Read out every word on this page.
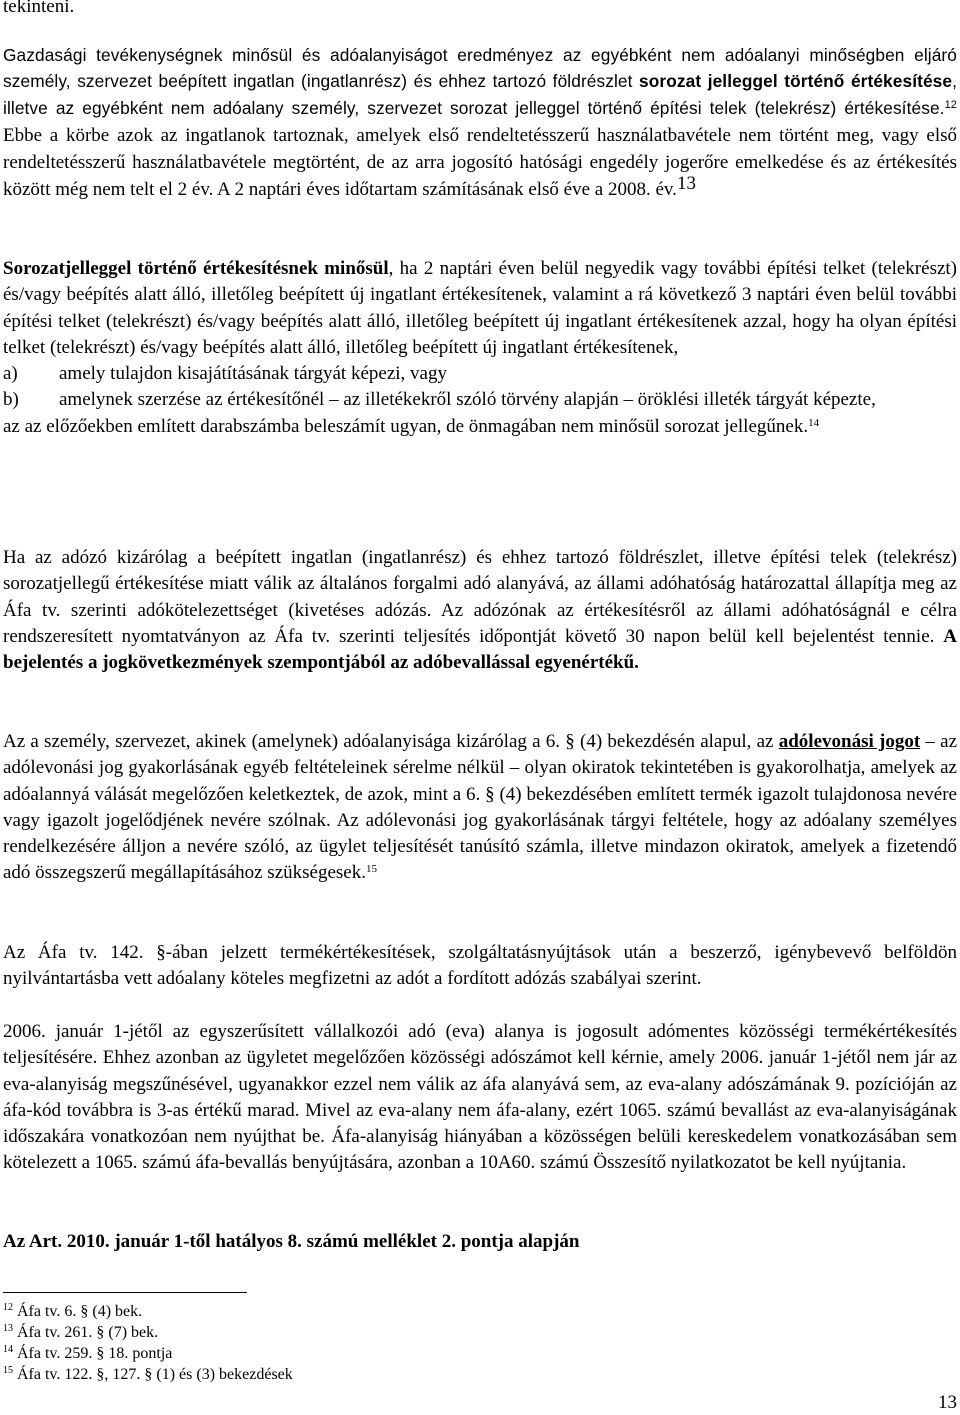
tekinteni.

Gazdasági tevékenységnek minősül és adóalanyiságot eredményez az egyébként nem adóalanyi minőségben eljáró személy, szervezet beépített ingatlan (ingatlanrész) és ehhez tartozó földrészlet sorozat jelleggel történő értékesítése, illetve az egyébként nem adóalany személy, szervezet sorozat jelleggel történő építési telek (telekrész) értékesítése.$^{12}$ Ebbe a körbe azok az ingatlanok tartoznak, amelyek első rendeltetésszerű használatbavétele nem történt meg, vagy első rendeltetésszerű használatbavétele megtörtént, de az arra jogosító hatósági engedély jogerőre emelkedése és az értékesítés között még nem telt el 2 év. A 2 naptári éves időtartam számításának első éve a 2008. év.$^{13}$

Sorozatjelleggel történő értékesítésnek minősül, ha 2 naptári éven belül negyedik vagy további építési telket (telekrészt) és/vagy beépítés alatt álló, illetőleg beépített új ingatlant értékesítenek, valamint a rá következő 3 naptári éven belül további építési telket (telekrészt) és/vagy beépítés alatt álló, illetőleg beépített új ingatlant értékesítenek azzal, hogy ha olyan építési telket (telekrészt) és/vagy beépítés alatt álló, illetőleg beépített új ingatlant értékesítenek,

a)	amely tulajdon kisajátításának tárgyát képezi, vagy
b)	amelynek szerzése az értékesítőnél – az illetékekről szóló törvény alapján – öröklési illeték tárgyát képezte,

az az előzőekben említett darabszámba beleszámít ugyan, de önmagában nem minősül sorozat jellegűnek.$^{14}$

Ha az adózó kizárólag a beépített ingatlan (ingatlanrész) és ehhez tartozó földrészlet, illetve építési telek (telekrész) sorozatjellegű értékesítése miatt válik az általános forgalmi adó alanyává, az állami adóhatóság határozattal állapítja meg az Áfa tv. szerinti adókötelezettséget (kivetéses adózás. Az adózónak az értékesítésről az állami adóhatóságnál e célra rendszeresített nyomtatványon az Áfa tv. szerinti teljesítés időpontját követő 30 napon belül kell bejelentést tennie. A bejelentés a jogkövetkezmények szempontjából az adóbevallással egyenértékű.

Az a személy, szervezet, akinek (amelynek) adóalanyisága kizárólag a 6. § (4) bekezdésén alapul, az adólevonási jogot – az adólevonási jog gyakorlásának egyéb feltételeinek sérelme nélkül – olyan okiratok tekintetében is gyakorolhatja, amelyek az adóalannyá válását megelőzően keletkeztek, de azok, mint a 6. § (4) bekezdésében említett termék igazolt tulajdonosa nevére vagy igazolt jogelődjének nevére szólnak. Az adólevonási jog gyakorlásának tárgyi feltétele, hogy az adóalany személyes rendelkezésére álljon a nevére szóló, az ügylet teljesítését tanúsító számla, illetve mindazon okiratok, amelyek a fizetendő adó összegszerű megállapításához szükségesek.$^{15}$

Az Áfa tv. 142. §-ában jelzett termékértékesítések, szolgáltatásnyújtások után a beszerző, igénybevevő belföldön nyilvántartásba vett adóalany köteles megfizetni az adót a fordított adózás szabályai szerint.

2006. január 1-jétől az egyszerűsített vállalkozói adó (eva) alanya is jogosult adómentes közösségi termékértékesítés teljesítésére. Ehhez azonban az ügyletet megelőzően közösségi adószámot kell kérnie, amely 2006. január 1-jétől nem jár az eva-alanyiság megszűnésével, ugyanakkor ezzel nem válik az áfa alanyává sem, az eva-alany adószámának 9. pozícióján az áfa-kód továbbra is 3-as értékű marad. Mivel az eva-alany nem áfa-alany, ezért 1065. számú bevallást az eva-alanyiságának időszakára vonatkozóan nem nyújthat be. Áfa-alanyiság hiányában a közösségen belüli kereskedelem vonatkozásában sem kötelezett a 1065. számú áfa-bevallás benyújtására, azonban a 10A60. számú Összesítő nyilatkozatot be kell nyújtania.

Az Art. 2010. január 1-től hatályos 8. számú melléklet 2. pontja alapján

$^{12}$ Áfa tv. 6. § (4) bek.
$^{13}$ Áfa tv. 261. § (7) bek.
$^{14}$ Áfa tv. 259. § 18. pontja
$^{15}$ Áfa tv. 122. §, 127. § (1) és (3) bekezdések
13
